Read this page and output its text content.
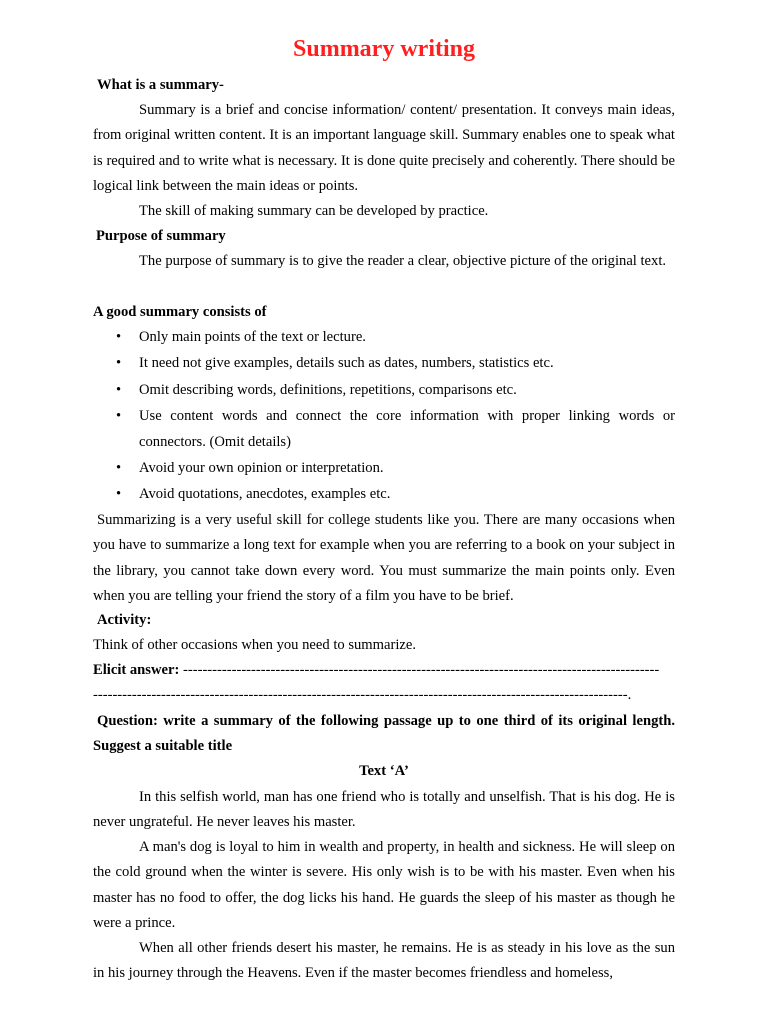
Summary writing
What is a summary-
Summary is a brief and concise information/ content/ presentation. It conveys main ideas, from original written content. It is an important language skill. Summary enables one to speak what is required and to write what is necessary. It is done quite precisely and coherently. There should be logical link between the main ideas or points.
The skill of making summary can be developed by practice.
Purpose of summary
The purpose of summary is to give the reader a clear, objective picture of the original text.
A good summary consists of
• Only main points of the text or lecture.
• It need not give examples, details such as dates, numbers, statistics etc.
• Omit describing words, definitions, repetitions, comparisons etc.
• Use content words and connect the core information with proper linking words or connectors. (Omit details)
• Avoid your own opinion or interpretation.
• Avoid quotations, anecdotes, examples etc.
Summarizing is a very useful skill for college students like you. There are many occasions when you have to summarize a long text for example when you are referring to a book on your subject in the library, you cannot take down every word. You must summarize the main points only. Even when you are telling your friend the story of a film you have to be brief.
Activity:
Think of other occasions when you need to summarize.
Elicit answer: --------------------------------------------------------------------------------------------------
--------------------------------------------------------------------------------------------------------------.
Question: write a summary of the following passage up to one third of its original length. Suggest a suitable title
Text ‘A’
In this selfish world, man has one friend who is totally and unselfish. That is his dog. He is never ungrateful. He never leaves his master.
A man's dog is loyal to him in wealth and property, in health and sickness. He will sleep on the cold ground when the winter is severe. His only wish is to be with his master. Even when his master has no food to offer, the dog licks his hand. He guards the sleep of his master as though he were a prince.
When all other friends desert his master, he remains. He is as steady in his love as the sun in his journey through the Heavens. Even if the master becomes friendless and homeless,
